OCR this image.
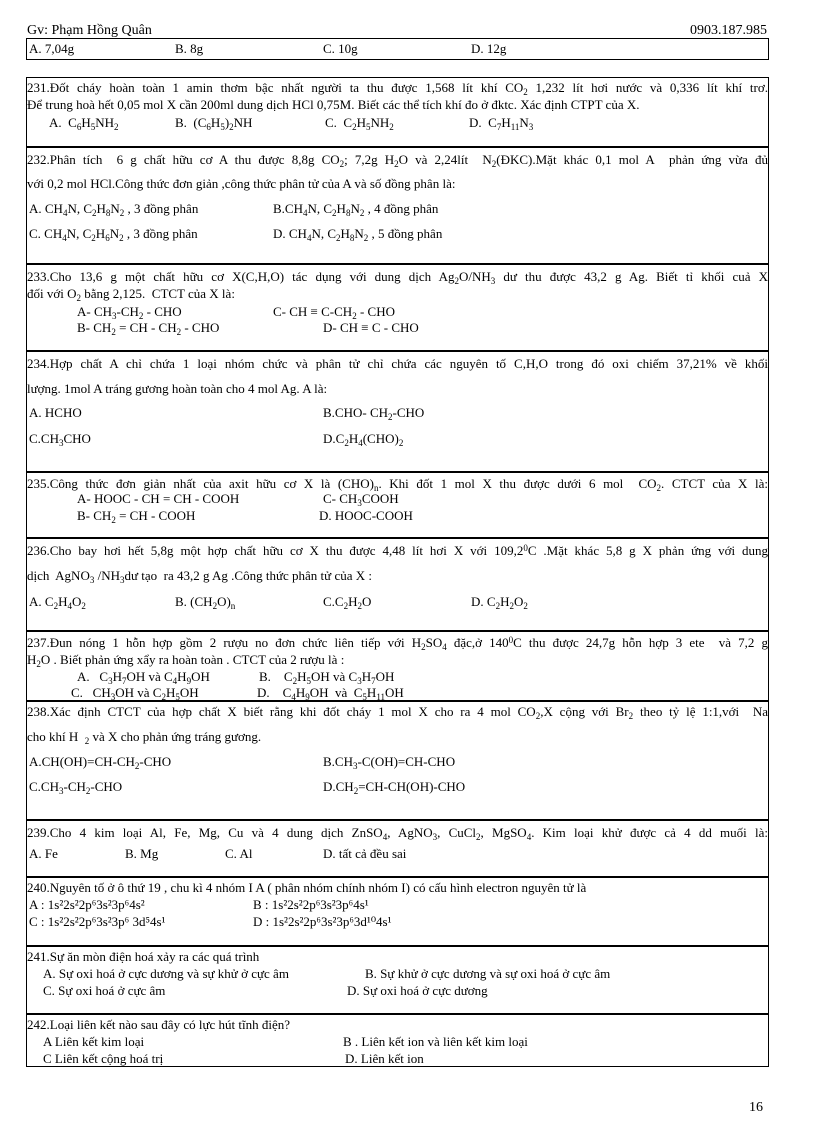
Gv: Phạm Hồng Quân	0903.187.985
A. 7,04g	B. 8g	C. 10g	D. 12g
231.Đốt cháy hoàn toàn 1 amin thơm bậc nhất người ta thu được 1,568 lít khí $CO_2$ 1,232 lít hơi nước và 0,336 lít khí trơ.
Để trung hoà hết 0,05 mol X cần 200ml dung dịch HCl 0,75M. Biết các thể tích khí đo ở đktc. Xác định CTPT của X.
A.  $C_6H_5NH_2$	B.  $(C_6H_5)_2NH$	C.  $C_2H_5NH_2$	D.  $C_7H_{11}N_3$
232.Phân tích  6 g chất hữu cơ A thu được 8,8g $CO_2$; 7,2g $H_2O$ và 2,24lít  $N_2(ĐKC).Mặt$ khác 0,1 mol A  phản ứng vừa đủ
với 0,2 mol HCl.Công thức đơn giản ,công thức phân tử của A và số đồng phân là:
A. $CH_4N$, $C_2H_8N_2$ , 3 đồng phân	$B.CH_4N$, $C_2H_8N_2$ , 4 đồng phân
C. $CH_4N$, $C_2H_6N_2$ , 3 đồng phân	D. $CH_4N$, $C_2H_8N_2$ , 5 đồng phân
233.Cho 13,6 g một chất hữu cơ X(C,H,O) tác dụng với dung dịch $Ag_2O/NH_3$ dư thu được 43,2 g Ag. Biết tỉ khối cuả X
đối với $O_2$ bằng 2,125.  CTCT của X là:
A- $CH_3-CH_2$ - CHO	C- CH ≡ $C-CH_2$ - CHO
B- $CH_2$ = CH - $CH_2$ - CHO	D- CH ≡ C - CHO
234.Hợp chất A chỉ chứa 1 loại nhóm chức và phân tử chỉ chứa các nguyên tố C,H,O trong đó oxi chiếm 37,21% về khối
lượng. 1mol A tráng gương hoàn toàn cho 4 mol Ag. A là:
A. HCHO	B.CHO- $CH_2$-CHO
$C.CH_3CHO$	$D.C_2H_4(CHO)_2$
235.Công thức đơn giản nhất của axit hữu cơ X là $(CHO)_n$. Khi đốt 1 mol X thu được dưới 6 mol  $CO_2$. CTCT của X là:
A- HOOC - CH = CH - COOH	C- $CH_3COOH$
B- $CH_2$ = CH - COOH	D. HOOC-COOH
236.Cho bay hơi hết 5,8g một hợp chất hữu cơ X thu được 4,48 lít hơi X với 109,2$^0$C .Mặt khác 5,8 g X phản ứng với dung
dịch  AgNO$_3$ $/NH_3dư$ tạo  ra 43,2 g Ag .Công thức phân tử của X :
A. $C_2H_4O_2$	B. $(CH_2O)_n$	$C.C_2H_2O$	D. $C_2H_2O_2$
237.Đun nóng 1 hỗn hợp gồm 2 rượu no đơn chức liên tiếp với $H_2SO_4$ đặc,ở $140^0C$ thu được 24,7g hỗn hợp 3 ete  và 7,2 g
$H_2O$ . Biết phản ứng xẩy ra hoàn toàn . CTCT của 2 rượu là :
A.   $C_3H_7OH$ và $C_4H_9OH$	B.    $C_2H_5OH$ và $C_3H_7OH$
C.   $CH_3OH$ và $C_2H_5OH$	D.    $C_4H_9OH$  và  $C_5H_{11}OH$
238.Xác định CTCT của hợp chất X biết rằng khi đốt cháy 1 mol X cho ra 4 mol $CO_2,X$ cộng với $Br_2$ theo tỷ lệ 1:1,với  Na
cho khí H  $_2$ và X cho phản ứng tráng gương.
$A.CH(OH)=CH-CH_2$-CHO	$B.CH_3-C(OH)=CH$-CHO
$C.CH_3-CH_2$-CHO	$D.CH_2=CH-CH(OH)$-CHO
239.Cho 4 kim loại Al, Fe, Mg, Cu và 4 dung dịch ZnSO$_4$, AgNO$_3$, CuCl$_2$, MgSO$_4$. Kim loại khử được cả 4 dd muối là:
A. Fe	B. Mg	C. Al	D. tất cả đều sai
240.Nguyên tố ở ô thứ 19 , chu kì 4 nhóm I A ( phân nhóm chính nhóm I) có cấu hình electron nguyên tử là
A : 1s²2s²2p⁶3s²3p⁶4s²	B : 1s²2s²2p⁶3s²3p⁶4s¹
C : 1s²2s²2p⁶3s²3p⁶ 3d⁵4s¹	D : 1s²2s²2p⁶3s²3p⁶3d¹⁰4s¹
241.Sự ăn mòn điện hoá xảy ra các quá trình
A. Sự oxi hoá ở cực dương và sự khử ở cực âm	B. Sự khử ở cực dương và sự oxi hoá ở cực âm
C. Sự oxi hoá ở cực âm	D. Sự oxi hoá ở cực dương
242.Loại liên kết nào sau đây có lực hút tĩnh điện?
A Liên kết kim loại	B . Liên kết ion và liên kết kim loại
C Liên kết cộng hoá trị	D. Liên kết ion
16
